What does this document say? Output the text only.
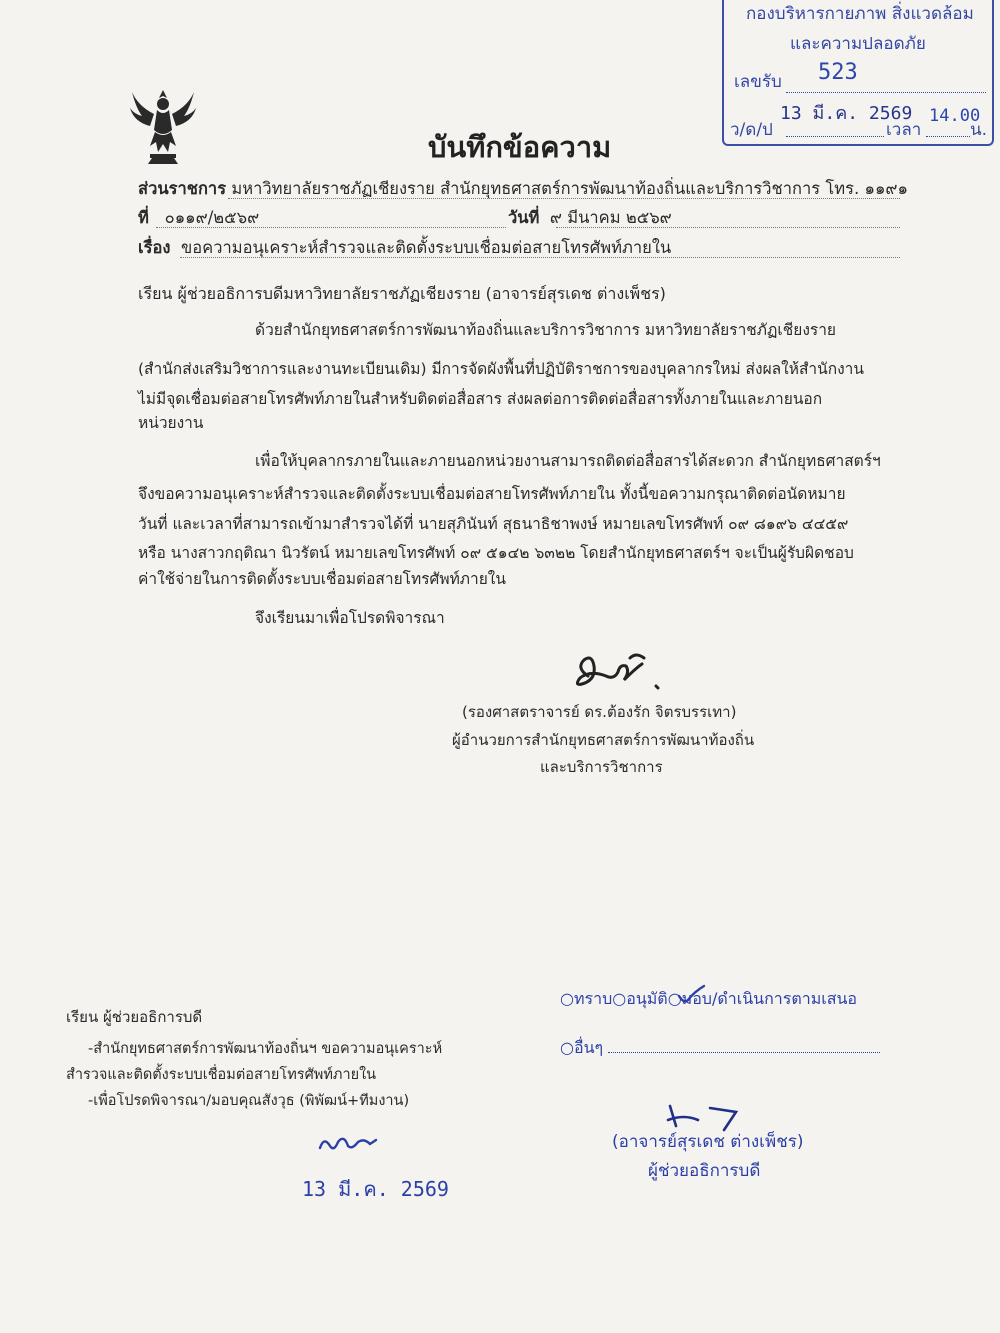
กองบริหารกายภาพ สิ่งแวดล้อม
และความปลอดภัย
เลขรับ 523
13 มี.ค. 2569
ว/ด/ป	เวลา
14.00
น.
บันทึกข้อความ
ส่วนราชการ มหาวิทยาลัยราชภัฏเชียงราย สำนักยุทธศาสตร์การพัฒนาท้องถิ่นและบริการวิชาการ โทร. ๑๑๙๑
ที่ ๐๑๑๙/๒๕๖๙	วันที่ ๙ มีนาคม ๒๕๖๙
เรื่อง ขอความอนุเคราะห์สำรวจและติดตั้งระบบเชื่อมต่อสายโทรศัพท์ภายใน
เรียน ผู้ช่วยอธิการบดีมหาวิทยาลัยราชภัฏเชียงราย (อาจารย์สุรเดช ต่างเพ็ชร)
ด้วยสำนักยุทธศาสตร์การพัฒนาท้องถิ่นและบริการวิชาการ มหาวิทยาลัยราชภัฏเชียงราย
(สำนักส่งเสริมวิชาการและงานทะเบียนเดิม) มีการจัดผังพื้นที่ปฏิบัติราชการของบุคลากรใหม่ ส่งผลให้สำนักงาน
ไม่มีจุดเชื่อมต่อสายโทรศัพท์ภายในสำหรับติดต่อสื่อสาร ส่งผลต่อการติดต่อสื่อสารทั้งภายในและภายนอก
หน่วยงาน
เพื่อให้บุคลากรภายในและภายนอกหน่วยงานสามารถติดต่อสื่อสารได้สะดวก สำนักยุทธศาสตร์ฯ
จึงขอความอนุเคราะห์สำรวจและติดตั้งระบบเชื่อมต่อสายโทรศัพท์ภายใน ทั้งนี้ขอความกรุณาติดต่อนัดหมาย
วันที่ และเวลาที่สามารถเข้ามาสำรวจได้ที่ นายสุภินันท์ สุธนาธิชาพงษ์ หมายเลขโทรศัพท์ ๐๙ ๘๑๙๖ ๔๔๕๙
หรือ นางสาวกฤติณา นิวรัตน์ หมายเลขโทรศัพท์ ๐๙ ๕๑๔๒ ๖๓๒๒ โดยสำนักยุทธศาสตร์ฯ จะเป็นผู้รับผิดชอบ
ค่าใช้จ่ายในการติดตั้งระบบเชื่อมต่อสายโทรศัพท์ภายใน
จึงเรียนมาเพื่อโปรดพิจารณา
(รองศาสตราจารย์ ดร.ต้องรัก จิตรบรรเทา)
ผู้อำนวยการสำนักยุทธศาสตร์การพัฒนาท้องถิ่น
และบริการวิชาการ
เรียน ผู้ช่วยอธิการบดี
-สำนักยุทธศาสตร์การพัฒนาท้องถิ่นฯ ขอความอนุเคราะห์
สำรวจและติดตั้งระบบเชื่อมต่อสายโทรศัพท์ภายใน
-เพื่อโปรดพิจารณา/มอบคุณสังวุธ (พิพัฒน์+ทีมงาน)
13 มี.ค. 2569
○ทราบ○อนุมัติ○มอบ/ดำเนินการตามเสนอ
○อื่นๆ
(อาจารย์สุรเดช ต่างเพ็ชร)
ผู้ช่วยอธิการบดี
